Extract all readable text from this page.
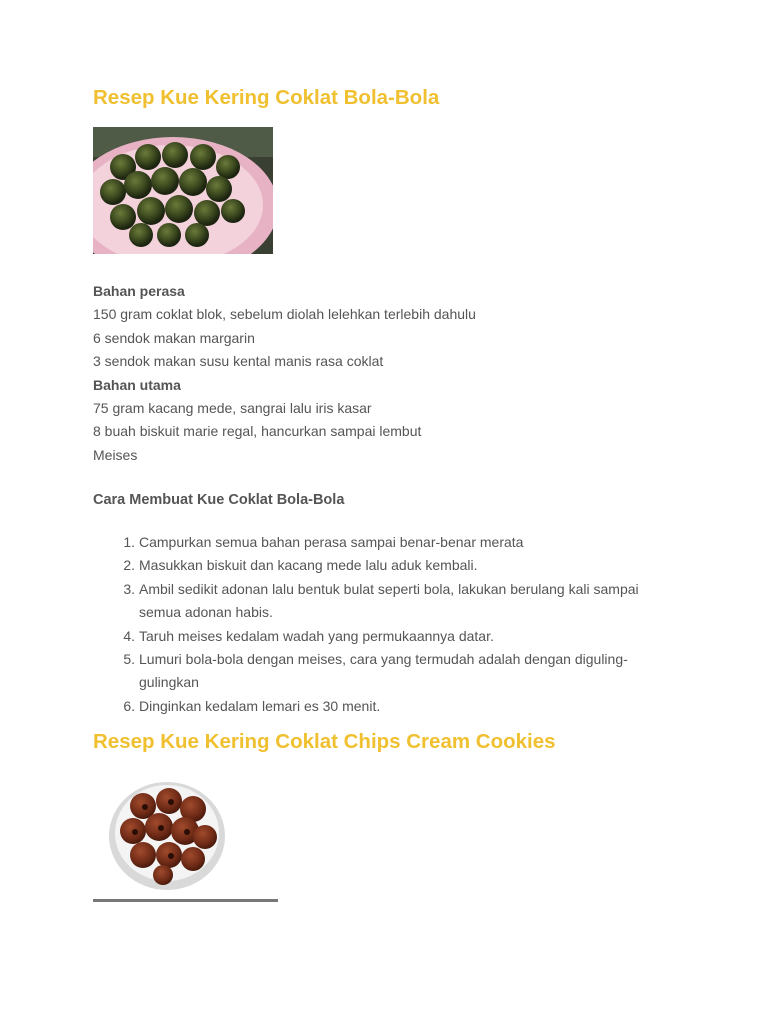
Resep Kue Kering Coklat Bola-Bola
Bahan perasa
150 gram coklat blok, sebelum diolah lelehkan terlebih dahulu
6 sendok makan margarin
3 sendok makan susu kental manis rasa coklat
Bahan utama
75 gram kacang mede, sangrai lalu iris kasar
8 buah biskuit marie regal, hancurkan sampai lembut
Meises
Cara Membuat Kue Coklat Bola-Bola
Campurkan semua bahan perasa sampai benar-benar merata
Masukkan biskuit dan kacang mede lalu aduk kembali.
Ambil sedikit adonan lalu bentuk bulat seperti bola, lakukan berulang kali sampai semua adonan habis.
Taruh meises kedalam wadah yang permukaannya datar.
Lumuri bola-bola dengan meises, cara yang termudah adalah dengan diguling-gulingkan
Dinginkan kedalam lemari es 30 menit.
Resep Kue Kering Coklat Chips Cream Cookies
